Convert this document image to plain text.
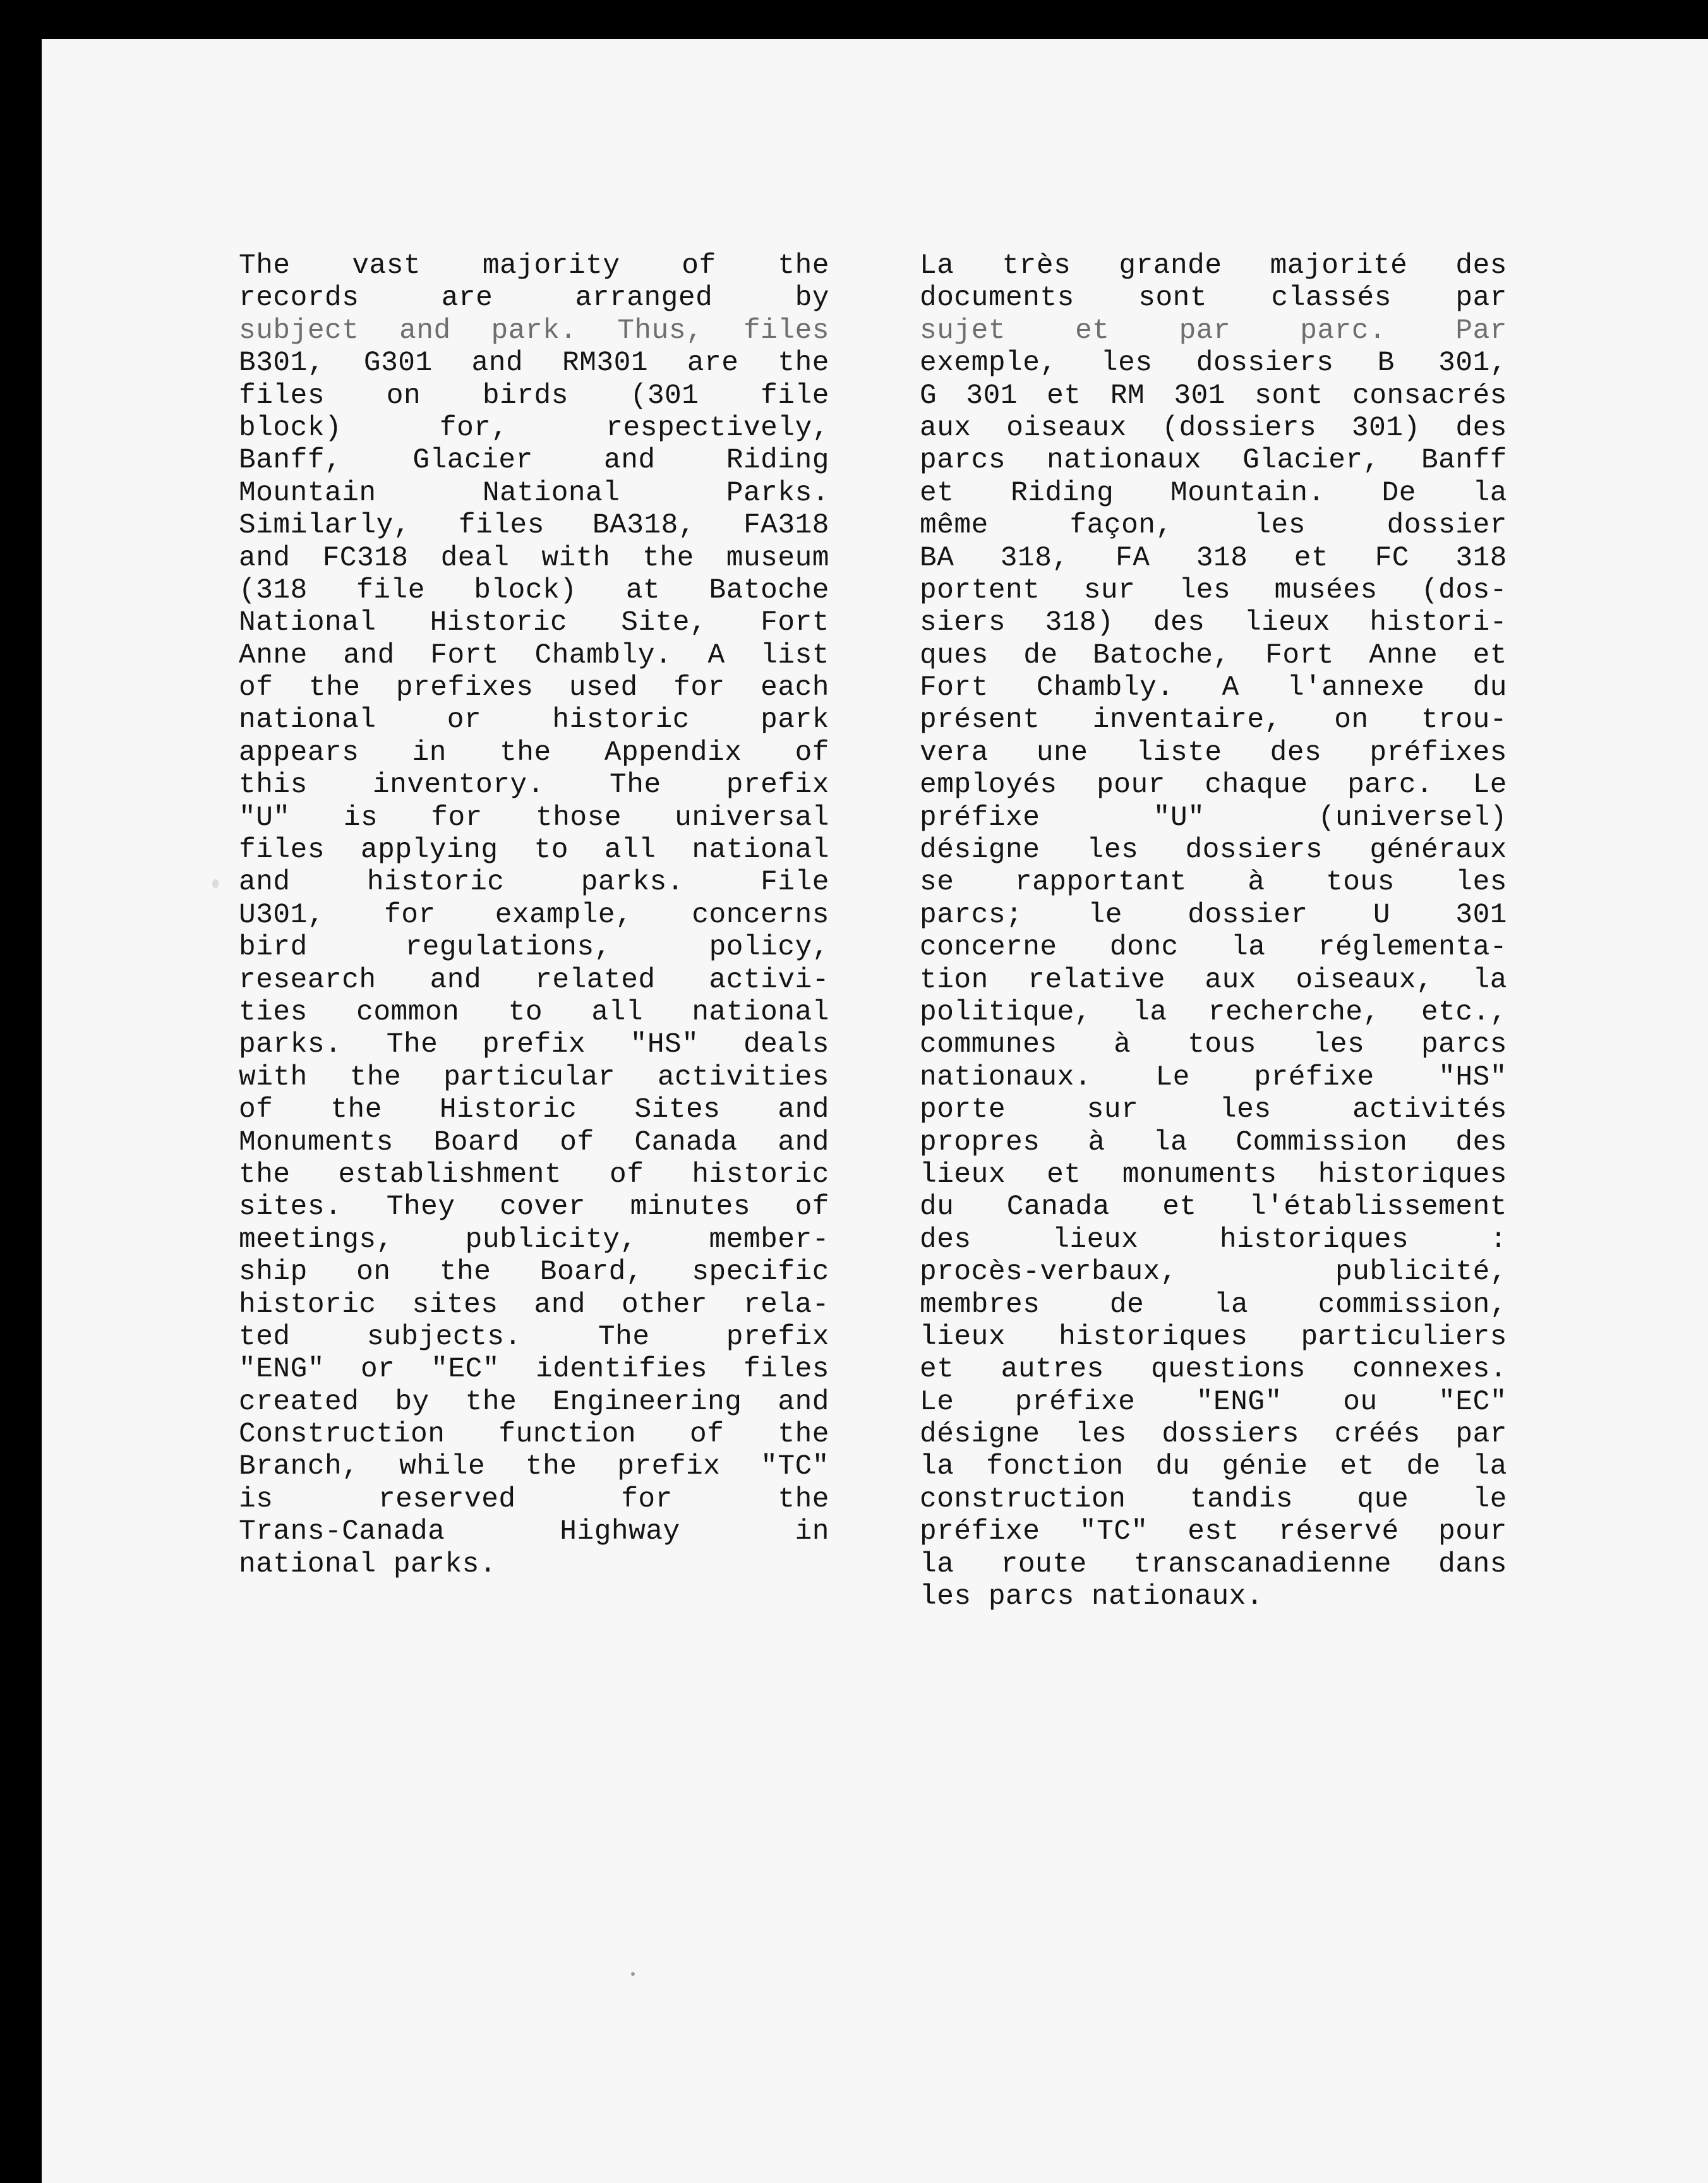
The vast majority of the
records are arranged by
subject and park. Thus, files
B301, G301 and RM301 are the
files on birds (301 file
block) for, respectively,
Banff, Glacier and Riding
Mountain National Parks.
Similarly, files BA318, FA318
and FC318 deal with the museum
(318 file block) at Batoche
National Historic Site, Fort
Anne and Fort Chambly. A list
of the prefixes used for each
national or historic park
appears in the Appendix of
this inventory. The prefix
"U" is for those universal
files applying to all national
and historic parks. File
U301, for example, concerns
bird regulations, policy,
research and related activi-
ties common to all national
parks. The prefix "HS" deals
with the particular activities
of the Historic Sites and
Monuments Board of Canada and
the establishment of historic
sites. They cover minutes of
meetings, publicity, member-
ship on the Board, specific
historic sites and other rela-
ted subjects. The prefix
"ENG" or "EC" identifies files
created by the Engineering and
Construction function of the
Branch, while the prefix "TC"
is reserved for the
Trans-Canada Highway in
national parks.
La très grande majorité des
documents sont classés par
sujet et par parc. Par
exemple, les dossiers B 301,
G 301 et RM 301 sont consacrés
aux oiseaux (dossiers 301) des
parcs nationaux Glacier, Banff
et Riding Mountain. De la
même façon, les dossier
BA 318, FA 318 et FC 318
portent sur les musées (dos-
siers 318) des lieux histori-
ques de Batoche, Fort Anne et
Fort Chambly. A l'annexe du
présent inventaire, on trou-
vera une liste des préfixes
employés pour chaque parc. Le
préfixe "U" (universel)
désigne les dossiers généraux
se rapportant à tous les
parcs; le dossier U 301
concerne donc la réglementa-
tion relative aux oiseaux, la
politique, la recherche, etc.,
communes à tous les parcs
nationaux. Le préfixe "HS"
porte sur les activités
propres à la Commission des
lieux et monuments historiques
du Canada et l'établissement
des lieux historiques :
procès-verbaux, publicité,
membres de la commission,
lieux historiques particuliers
et autres questions connexes.
Le préfixe "ENG" ou "EC"
désigne les dossiers créés par
la fonction du génie et de la
construction tandis que le
préfixe "TC" est réservé pour
la route transcanadienne dans
les parcs nationaux.
